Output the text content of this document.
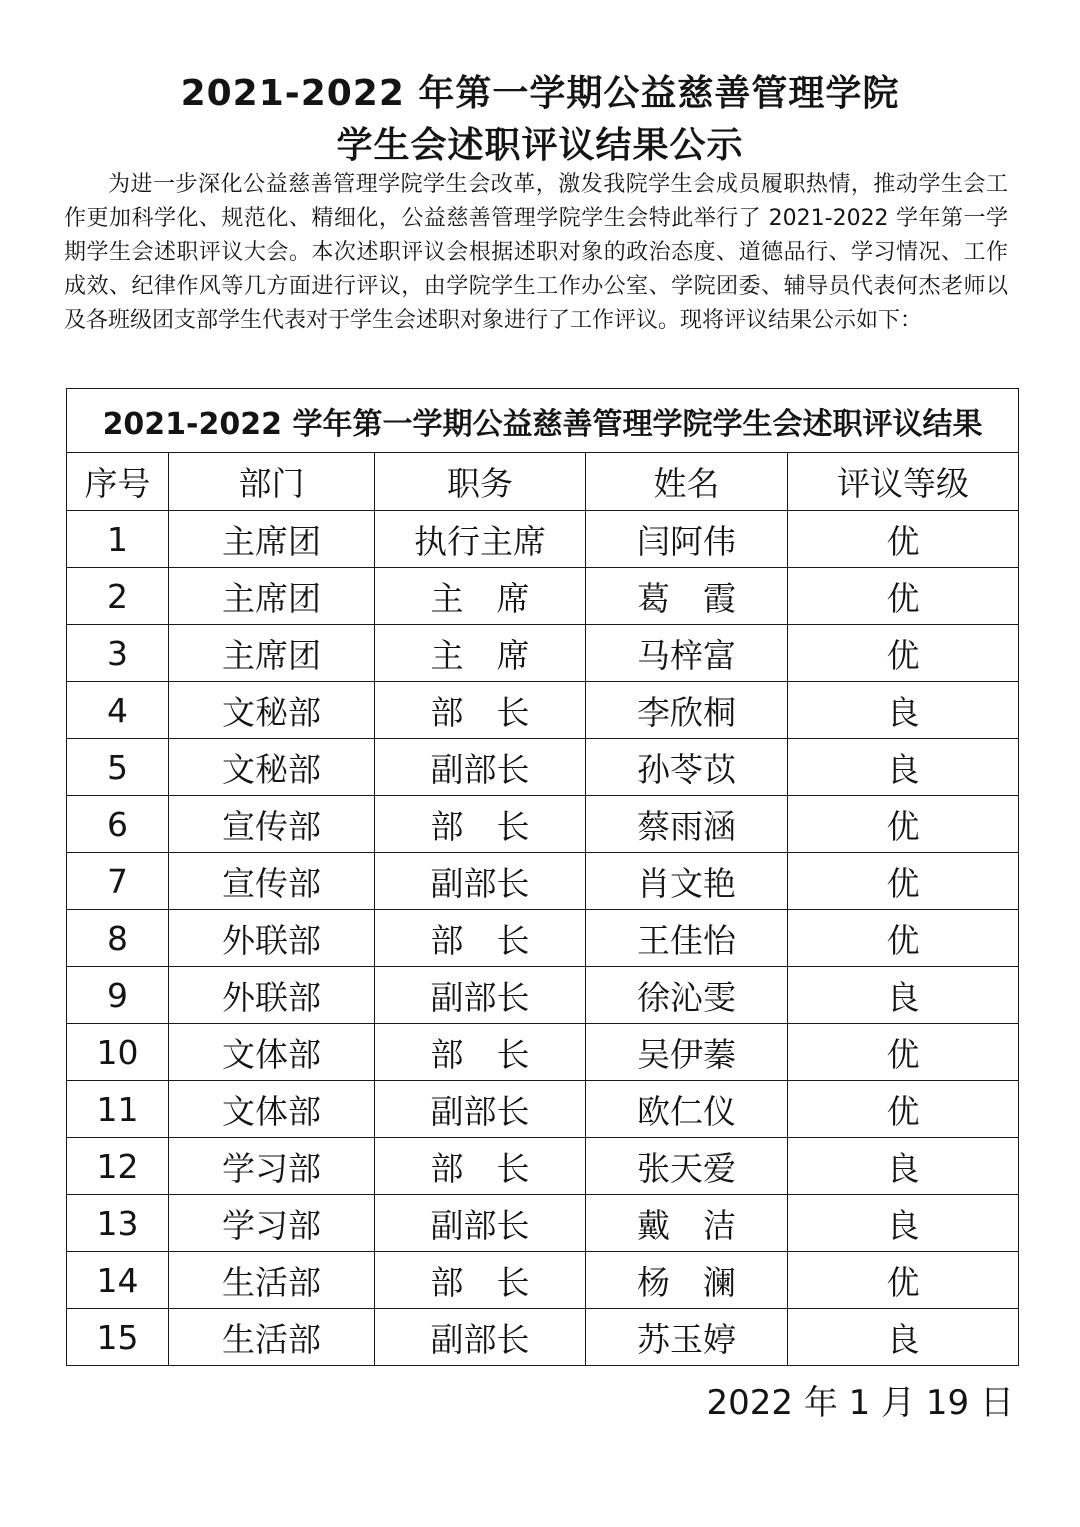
2021-2022 年第一学期公益慈善管理学院
学生会述职评议结果公示

为进一步深化公益慈善管理学院学生会改革，激发我院学生会成员履职热情，推动学生会工作更加科学化、规范化、精细化，公益慈善管理学院学生会特此举行了 2021-2022 学年第一学期学生会述职评议大会。本次述职评议会根据述职对象的政治态度、道德品行、学习情况、工作成效、纪律作风等几方面进行评议，由学院学生工作办公室、学院团委、辅导员代表何杰老师以及各班级团支部学生代表对于学生会述职对象进行了工作评议。现将评议结果公示如下：

2021-2022 学年第一学期公益慈善管理学院学生会述职评议结果				
序号	部门	职务	姓名	评议等级
1	主席团	执行主席	闫阿伟	优
2	主席团	主　席	葛　霞	优
3	主席团	主　席	马梓富	优
4	文秘部	部　长	李欣桐	良
5	文秘部	副部长	孙苓苡	良
6	宣传部	部　长	蔡雨涵	优
7	宣传部	副部长	肖文艳	优
8	外联部	部　长	王佳怡	优
9	外联部	副部长	徐沁雯	良
10	文体部	部　长	吴伊蓁	优
11	文体部	副部长	欧仁仪	优
12	学习部	部　长	张天爱	良
13	学习部	副部长	戴　洁	良
14	生活部	部　长	杨　澜	优
15	生活部	副部长	苏玉婷	良
2022 年 1 月 19 日
